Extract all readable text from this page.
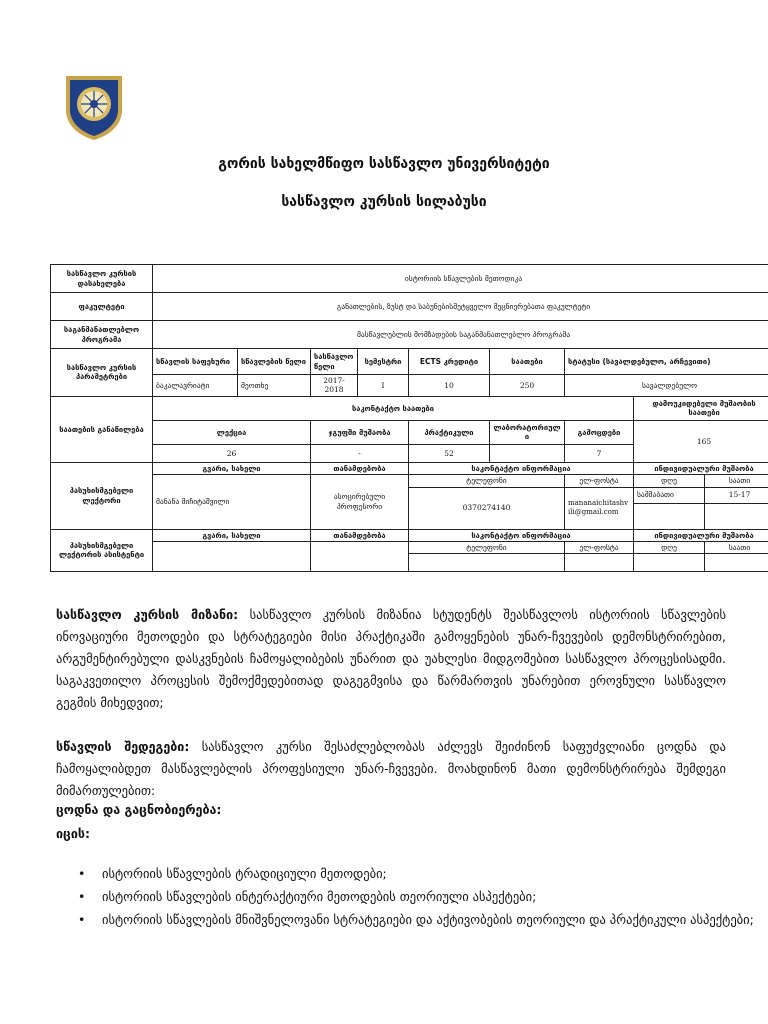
გორის სახელმწიფო სასწავლო უნივერსიტეტი
სასწავლო კურსის სილაბუსი
სასწავლო კურსის დასახელება	ისტორიის სწავლების მეთოდიკა								
ფაკულტეტი	განათლების, ზუსტ და საბუნებისმეტყველო მეცნიერებათა ფაკულტეტი								
საგანმანათლებლო პროგრამა	მასწავლებლის მომზადების საგანმანათლებლო პროგრამა								
სასწავლო კურსის პარამეტრები	სწავლის საფეხური	სწავლების წელი	სასწავლო წელი	სემესტრი	ECTS კრედიტი	საათები	სტატუსი (სავალდებულო, არჩევითი)		
	ბაკალავრიატი	მეოთხე	2017-2018	I	10	250	სავალდებულო		
საათების განაწილება	საკონტაქტო საათები							დამოუკიდებელი მუშაობის საათები	
	ლექცია		ჯგუფში მუშაობა		პრაქტიკული	ლაბორატორიული	გამოცდები	165	
	26		-		52		7		
პასუხისმგებელი ლექტორი	გვარი, სახელი		თანამდებობა		საკონტაქტო ინფორმაცია			ინდივიდუალური მუშაობა	
	მანანა მიჩიტაშვილი		ასოცირებული პროფესორი		ტელეფონი		ელ-ფოსტა	დღე	საათი
					0370274140		mananaichitashvili@gmail.com	სამშაბათი	15-17

პასუხისმგებელი ლექტორის ასისტენტი	გვარი, სახელი		თანამდებობა		საკონტაქტო ინფორმაცია			ინდივიდუალური მუშაობა	
					ტელეფონი		ელ-ფოსტა	დღე	საათი

სასწავლო კურსის მიზანი: სასწავლო კურსის მიზანია სტუდენტს შეასწავლოს ისტორიის სწავლების ინოვაციური მეთოდები და სტრატეგიები მისი პრაქტიკაში გამოყენების უნარ-ჩვევების დემონსტრირებით, არგუმენტირებული დასკვნების ჩამოყალიბების უნარით და უახლესი მიდგომებით სასწავლო პროცესისადმი. საგაკვეთილო პროცესის შემოქმედებითად დაგეგმვისა და წარმართვის უნარებით ეროვნული სასწავლო გეგმის მიხედვით;
სწავლის შედეგები: სასწავლო კურსი შესაძლებლობას აძლევს შეიძინონ საფუძვლიანი ცოდნა და ჩამოყალიბდეთ მასწავლებლის პროფესიული უნარ-ჩვევები. მოახდინონ მათი დემონსტრირება შემდეგი მიმართულებით:
ცოდნა და გაცნობიერება:
იცის:
• ისტორიის სწავლების ტრადიციული მეთოდები;
• ისტორიის სწავლების ინტერაქტიური მეთოდების თეორიული ასპექტები;
• ისტორიის სწავლების მნიშვნელოვანი სტრატეგიები და აქტივობების თეორიული და პრაქტიკული ასპექტები;
